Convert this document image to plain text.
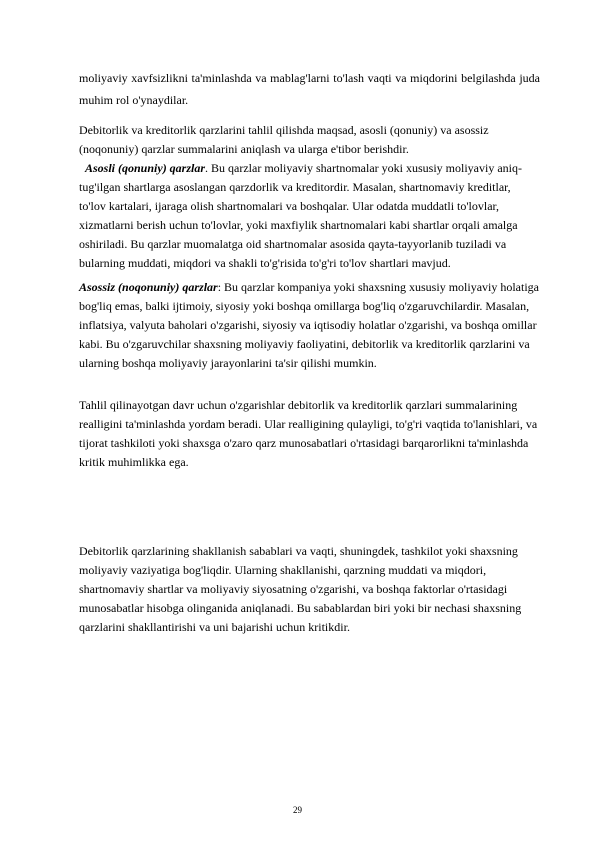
moliyaviy xavfsizlikni ta'minlashda va mablag'larni to'lash vaqti va miqdorini belgilashda juda muhim rol o'ynaydilar.

Debitorlik va kreditorlik qarzlarini tahlil qilishda maqsad, asosli (qonuniy) va asossiz (noqonuniy) qarzlar summalarini aniqlash va ularga e'tibor berishdir.

Asosli (qonuniy) qarzlar. Bu qarzlar moliyaviy shartnomalar yoki xususiy moliyaviy aniq-tug'ilgan shartlarga asoslangan qarzdorlik va kreditordir. Masalan, shartnomaviy kreditlar, to'lov kartalari, ijaraga olish shartnomalari va boshqalar. Ular odatda muddatli to'lovlar, xizmatlarni berish uchun to'lovlar, yoki maxfiylik shartnomalari kabi shartlar orqali amalga oshiriladi. Bu qarzlar muomalatga oid shartnomalar asosida qayta-tayyorlanib tuziladi va bularning muddati, miqdori va shakli to'g'risida to'g'ri to'lov shartlari mavjud.

Asossiz (noqonuniy) qarzlar: Bu qarzlar kompaniya yoki shaxsning xususiy moliyaviy holatiga bog'liq emas, balki ijtimoiy, siyosiy yoki boshqa omillarga bog'liq o'zgaruvchilardir. Masalan, inflatsiya, valyuta baholari o'zgarishi, siyosiy va iqtisodiy holatlar o'zgarishi, va boshqa omillar kabi. Bu o'zgaruvchilar shaxsning moliyaviy faoliyatini, debitorlik va kreditorlik qarzlarini va ularning boshqa moliyaviy jarayonlarini ta'sir qilishi mumkin.

Tahlil qilinayotgan davr uchun o'zgarishlar debitorlik va kreditorlik qarzlari summalarining realligini ta'minlashda yordam beradi. Ular realligining qulayligi, to'g'ri vaqtida to'lanishlari, va tijorat tashkiloti yoki shaxsga o'zaro qarz munosabatlari o'rtasidagi barqarorlikni ta'minlashda kritik muhimlikka ega.

Debitorlik qarzlarining shakllanish sabablari va vaqti, shuningdek, tashkilot yoki shaxsning moliyaviy vaziyatiga bog'liqdir. Ularning shakllanishi, qarzning muddati va miqdori, shartnomaviy shartlar va moliyaviy siyosatning o'zgarishi, va boshqa faktorlar o'rtasidagi munosabatlar hisobga olinganida aniqlanadi. Bu sabablardan biri yoki bir nechasi shaxsning qarzlarini shakllantirishi va uni bajarishi uchun kritikdir.

29
